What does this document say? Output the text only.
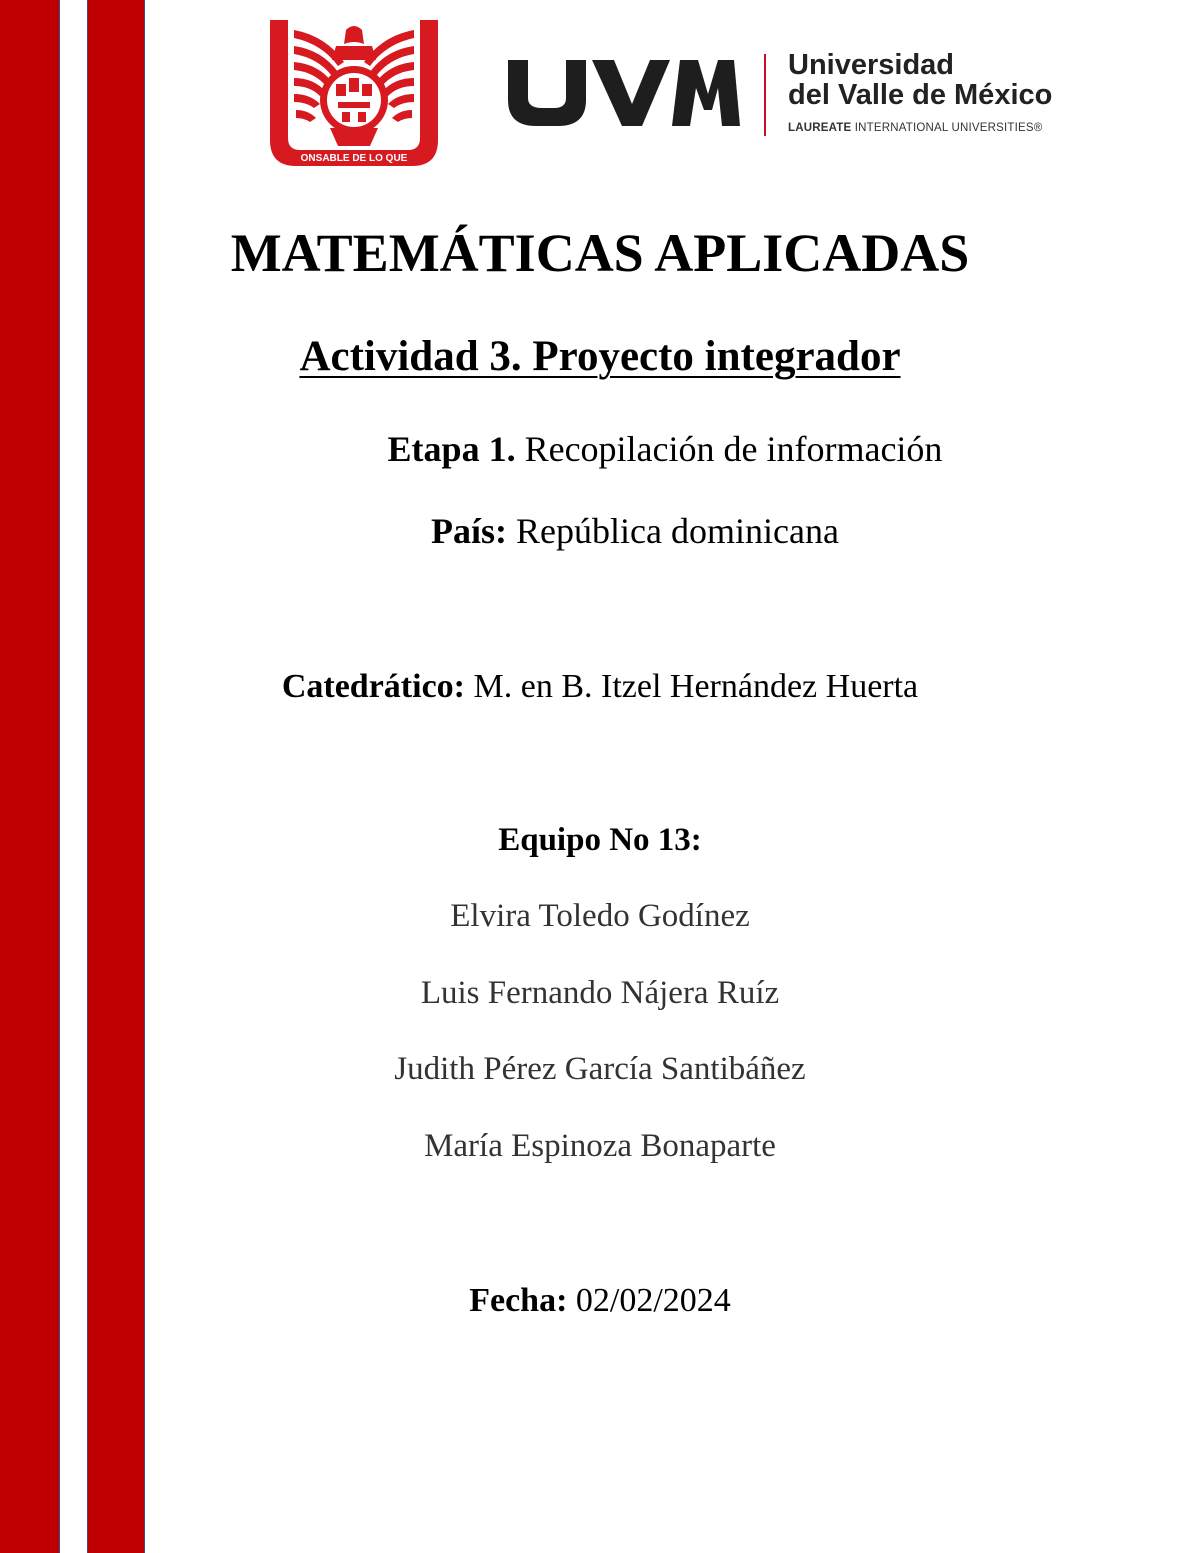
ONSABLE DE LO QUE
Universidad
del Valle de México
LAUREATE INTERNATIONAL UNIVERSITIES®
MATEMÁTICAS APLICADAS
Actividad 3. Proyecto integrador
Etapa 1. Recopilación de información
País: República dominicana
Catedrático: M. en B. Itzel Hernández Huerta
Equipo No 13:
Elvira Toledo Godínez
Luis Fernando Nájera Ruíz
Judith Pérez García Santibáñez
María Espinoza Bonaparte
Fecha: 02/02/2024
